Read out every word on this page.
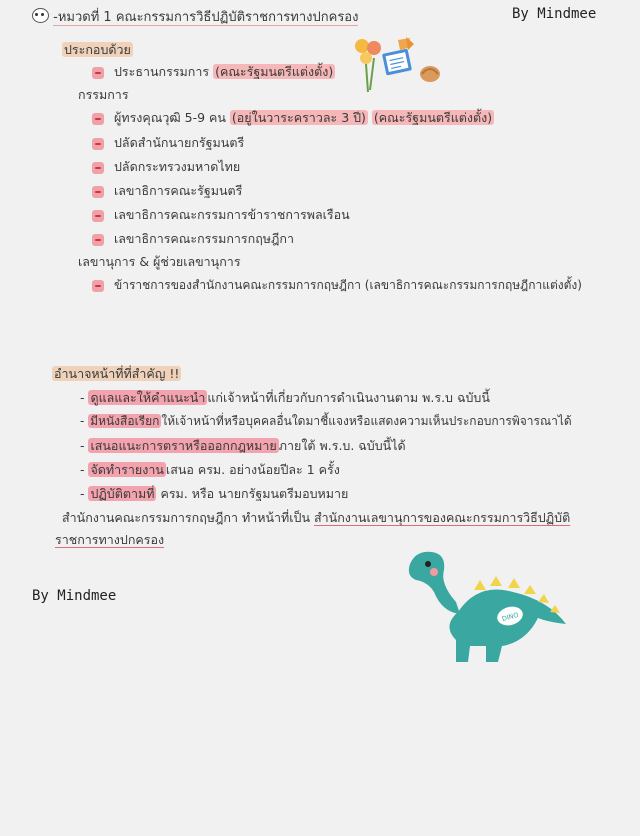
-หมวดที่ 1 คณะกรรมการวิธีปฏิบัติราชการทางปกครอง	By Mindmee
ประกอบด้วย
ประธานกรรมการ (คณะรัฐมนตรีแต่งตั้ง)
กรรมการ
ผู้ทรงคุณวุฒิ 5-9 คน (อยู่ในวาระคราวละ 3 ปี) (คณะรัฐมนตรีแต่งตั้ง)
ปลัดสำนักนายกรัฐมนตรี
ปลัดกระทรวงมหาดไทย
เลขาธิการคณะรัฐมนตรี
เลขาธิการคณะกรรมการข้าราชการพลเรือน
เลขาธิการคณะกรรมการกฤษฎีกา
เลขานุการ & ผู้ช่วยเลขานุการ
ข้าราชการของสำนักงานคณะกรรมการกฤษฎีกา (เลขาธิการคณะกรรมการกฤษฎีกาแต่งตั้ง)
อำนาจหน้าที่ที่สำคัญ !!
- ดูแลและให้คำแนะนำ แก่เจ้าหน้าที่เกี่ยวกับการดำเนินงานตาม พ.ร.บ ฉบับนี้
- มีหนังสือเรียก ให้เจ้าหน้าที่หรือบุคคลอื่นใดมาชี้แจงหรือแสดงความเห็นประกอบการพิจารณาได้
- เสนอแนะการตราหรือออกกฎหมาย ภายใต้ พ.ร.บ. ฉบับนี้ได้
- จัดทำรายงาน เสนอ ครม. อย่างน้อยปีละ 1 ครั้ง
- ปฏิบัติตามที่ ครม. หรือ นายกรัฐมนตรีมอบหมาย
สำนักงานคณะกรรมการกฤษฎีกา ทำหน้าที่เป็น สำนักงานเลขานุการของคณะกรรมการวิธีปฏิบัติ
ราชการทางปกครอง
By Mindmee
DINO
